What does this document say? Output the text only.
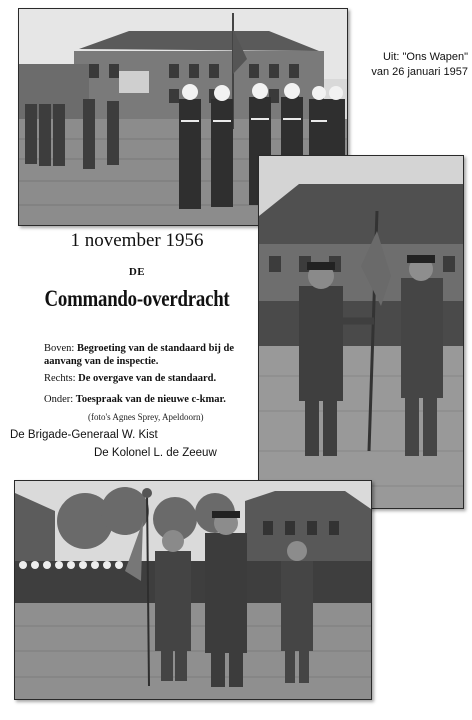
Uit: "Ons Wapen"
van 26 januari 1957
1 november 1956
DE
Commando-overdracht
Boven: Begroeting van de standaard bij de aanvang van de inspectie.
Rechts: De overgave van de standaard.
Onder: Toespraak van de nieuwe c-kmar.
(foto's Agnes Sprey, Apeldoorn)
De Brigade-Generaal W. Kist
De Kolonel L. de Zeeuw
